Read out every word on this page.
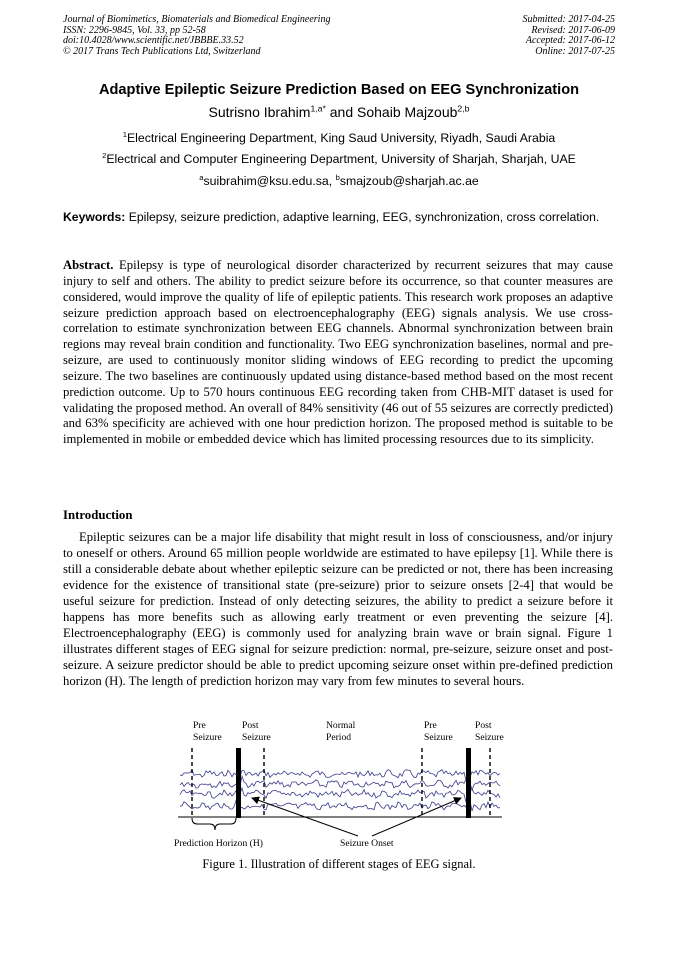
Journal of Biomimetics, Biomaterials and Biomedical Engineering
ISSN: 2296-9845, Vol. 33, pp 52-58
doi:10.4028/www.scientific.net/JBBBE.33.52
© 2017 Trans Tech Publications Ltd, Switzerland
Submitted: 2017-04-25
Revised: 2017-06-09
Accepted: 2017-06-12
Online: 2017-07-25
Adaptive Epileptic Seizure Prediction Based on EEG Synchronization
Sutrisno Ibrahim$^{1,a*}$ and Sohaib Majzoub$^{2,b}$
$^1$Electrical Engineering Department, King Saud University, Riyadh, Saudi Arabia
$^2$Electrical and Computer Engineering Department, University of Sharjah, Sharjah, UAE
$^a$suibrahim@ksu.edu.sa, $^b$smajzoub@sharjah.ac.ae
Keywords: Epilepsy, seizure prediction, adaptive learning, EEG, synchronization, cross correlation.
Abstract. Epilepsy is type of neurological disorder characterized by recurrent seizures that may cause injury to self and others. The ability to predict seizure before its occurrence, so that counter measures are considered, would improve the quality of life of epileptic patients. This research work proposes an adaptive seizure prediction approach based on electroencephalography (EEG) signals analysis. We use cross-correlation to estimate synchronization between EEG channels. Abnormal synchronization between brain regions may reveal brain condition and functionality. Two EEG synchronization baselines, normal and pre-seizure, are used to continuously monitor sliding windows of EEG recording to predict the upcoming seizure. The two baselines are continuously updated using distance-based method based on the most recent prediction outcome. Up to 570 hours continuous EEG recording taken from CHB-MIT dataset is used for validating the proposed method. An overall of 84% sensitivity (46 out of 55 seizures are correctly predicted) and 63% specificity are achieved with one hour prediction horizon. The proposed method is suitable to be implemented in mobile or embedded device which has limited processing resources due to its simplicity.
Introduction
Epileptic seizures can be a major life disability that might result in loss of consciousness, and/or injury to oneself or others. Around 65 million people worldwide are estimated to have epilepsy [1]. While there is still a considerable debate about whether epileptic seizure can be predicted or not, there has been increasing evidence for the existence of transitional state (pre-seizure) prior to seizure onsets [2-4] that would be useful seizure for prediction. Instead of only detecting seizures, the ability to predict a seizure before it happens has more benefits such as allowing early treatment or even preventing the seizure [4]. Electroencephalography (EEG) is commonly used for analyzing brain wave or brain signal. Figure 1 illustrates different stages of EEG signal for seizure prediction: normal, pre-seizure, seizure onset and post-seizure. A seizure predictor should be able to predict upcoming seizure onset within pre-defined prediction horizon (H). The length of prediction horizon may vary from few minutes to several hours.
Pre
Seizure
Post
Seizure
Normal
Period
Pre
Seizure
Post
Seizure
Prediction Horizon (H)	Seizure Onset
Figure 1. Illustration of different stages of EEG signal.
